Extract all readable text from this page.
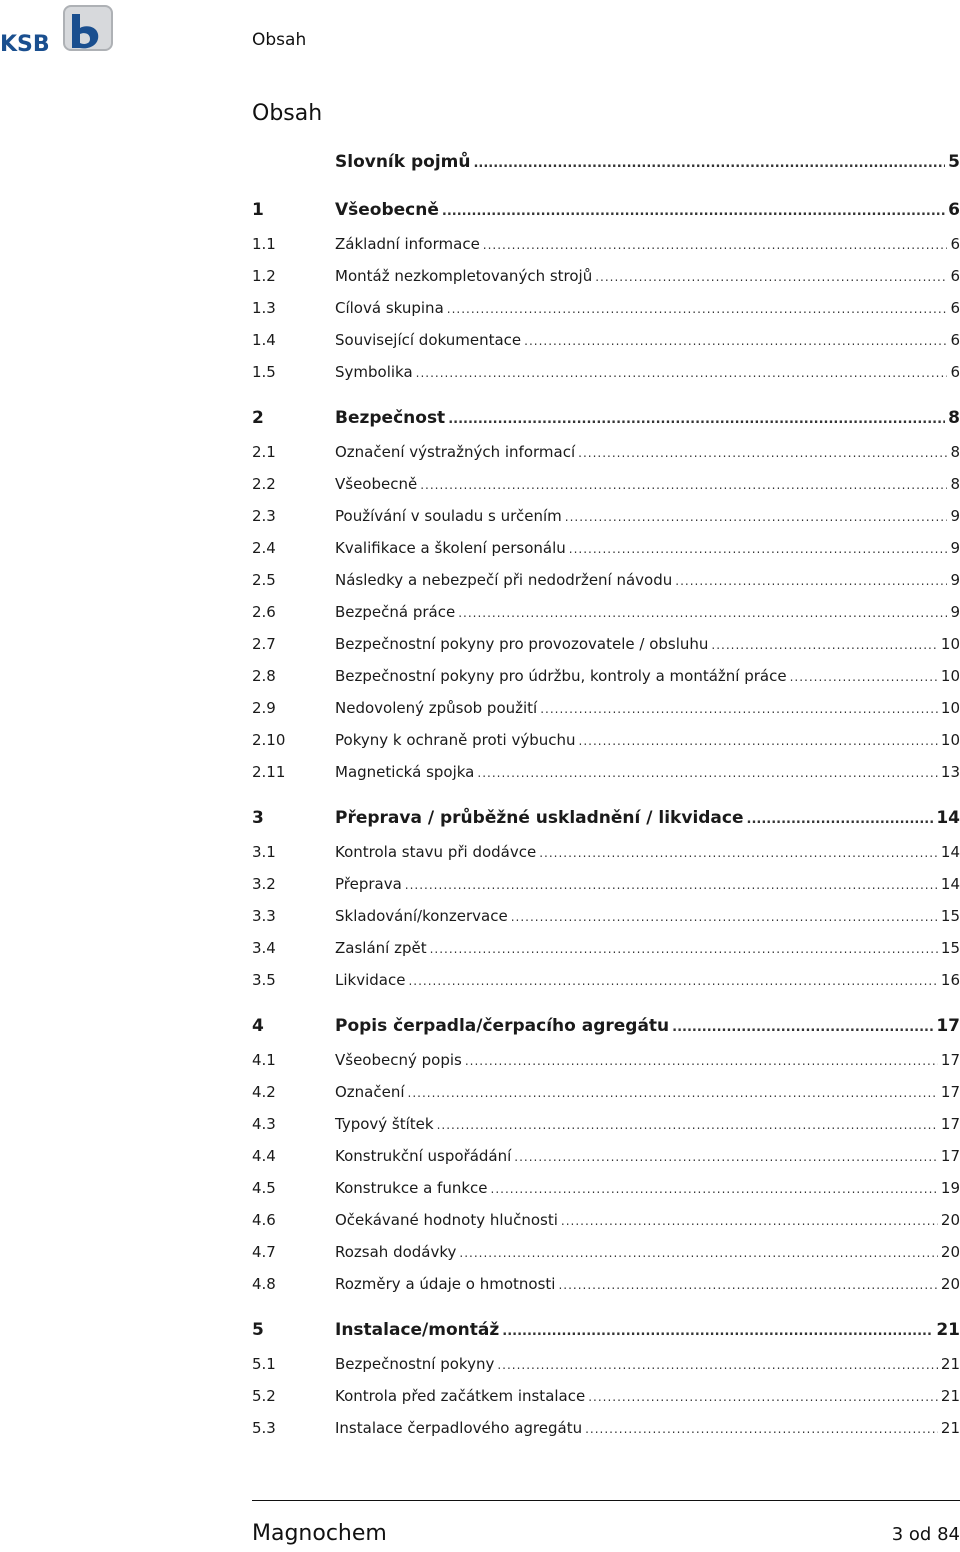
KSB	Obsah
Obsah
Slovník pojmů .....	5
1	Všeobecně .....	6
1.1	Základní informace .....	6
1.2	Montáž nezkompletovaných strojů .....	6
1.3	Cílová skupina .....	6
1.4	Související dokumentace .....	6
1.5	Symbolika .....	6
2	Bezpečnost .....	8
2.1	Označení výstražných informací .....	8
2.2	Všeobecně .....	8
2.3	Používání v souladu s určením .....	9
2.4	Kvalifikace a školení personálu .....	9
2.5	Následky a nebezpečí při nedodržení návodu .....	9
2.6	Bezpečná práce .....	9
2.7	Bezpečnostní pokyny pro provozovatele / obsluhu .....	10
2.8	Bezpečnostní pokyny pro údržbu, kontroly a montážní práce .....	10
2.9	Nedovolený způsob použití .....	10
2.10	Pokyny k ochraně proti výbuchu .....	10
2.11	Magnetická spojka .....	13
3	Přeprava / průběžné uskladnění / likvidace .....	14
3.1	Kontrola stavu při dodávce .....	14
3.2	Přeprava .....	14
3.3	Skladování/konzervace .....	15
3.4	Zaslání zpět .....	15
3.5	Likvidace .....	16
4	Popis čerpadla/čerpacího agregátu .....	17
4.1	Všeobecný popis .....	17
4.2	Označení .....	17
4.3	Typový štítek .....	17
4.4	Konstrukční uspořádání .....	17
4.5	Konstrukce a funkce .....	19
4.6	Očekávané hodnoty hlučnosti .....	20
4.7	Rozsah dodávky .....	20
4.8	Rozměry a údaje o hmotnosti .....	20
5	Instalace/montáž .....	21
5.1	Bezpečnostní pokyny .....	21
5.2	Kontrola před začátkem instalace .....	21
5.3	Instalace čerpadlového agregátu .....	21
Magnochem	3 od 84
